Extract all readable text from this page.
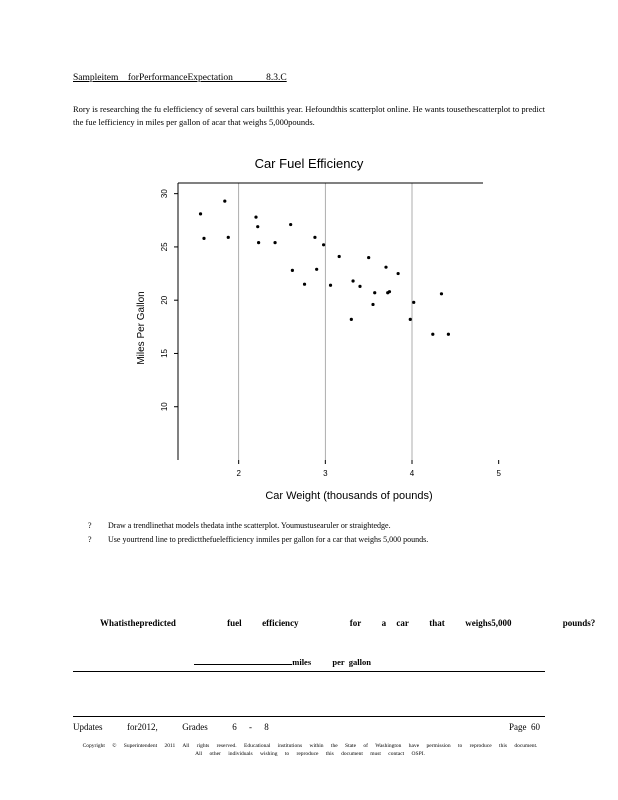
Sampleitem    forPerformanceExpectation              8.3.C
Rory is researching the fu elefficiency of several cars builtthis year. Hefoundthis scatterplot online. He wants tousethescatterplot to predict the fue lefficiency in miles per gallon of acar that weighs 5,000pounds.
Car Fuel Efficiency
2	3	4	5
10
15
20
25
30
Car Weight (thousands of pounds)
Miles Per Gallon
? Draw a trendlinethat models thedata inthe scatterplot. Youmustusearuler or straightedge.
? Use yourtrend line to predictthefuelefficiency inmiles per gallon for a car that weighs 5,000 pounds.
Whatisthepredicted     fuel  efficiency     for  a car  that  weighs5,000     pounds?

miles          per  gallon

Updates  for2012,  Grades  6 - 8	Page  60
Copyright © Superintendent 2011 All rights reserved. Educational institutions within the State of Washington have permission to reproduce this document. All other individuals wishing to reproduce this document must contact OSPI.
